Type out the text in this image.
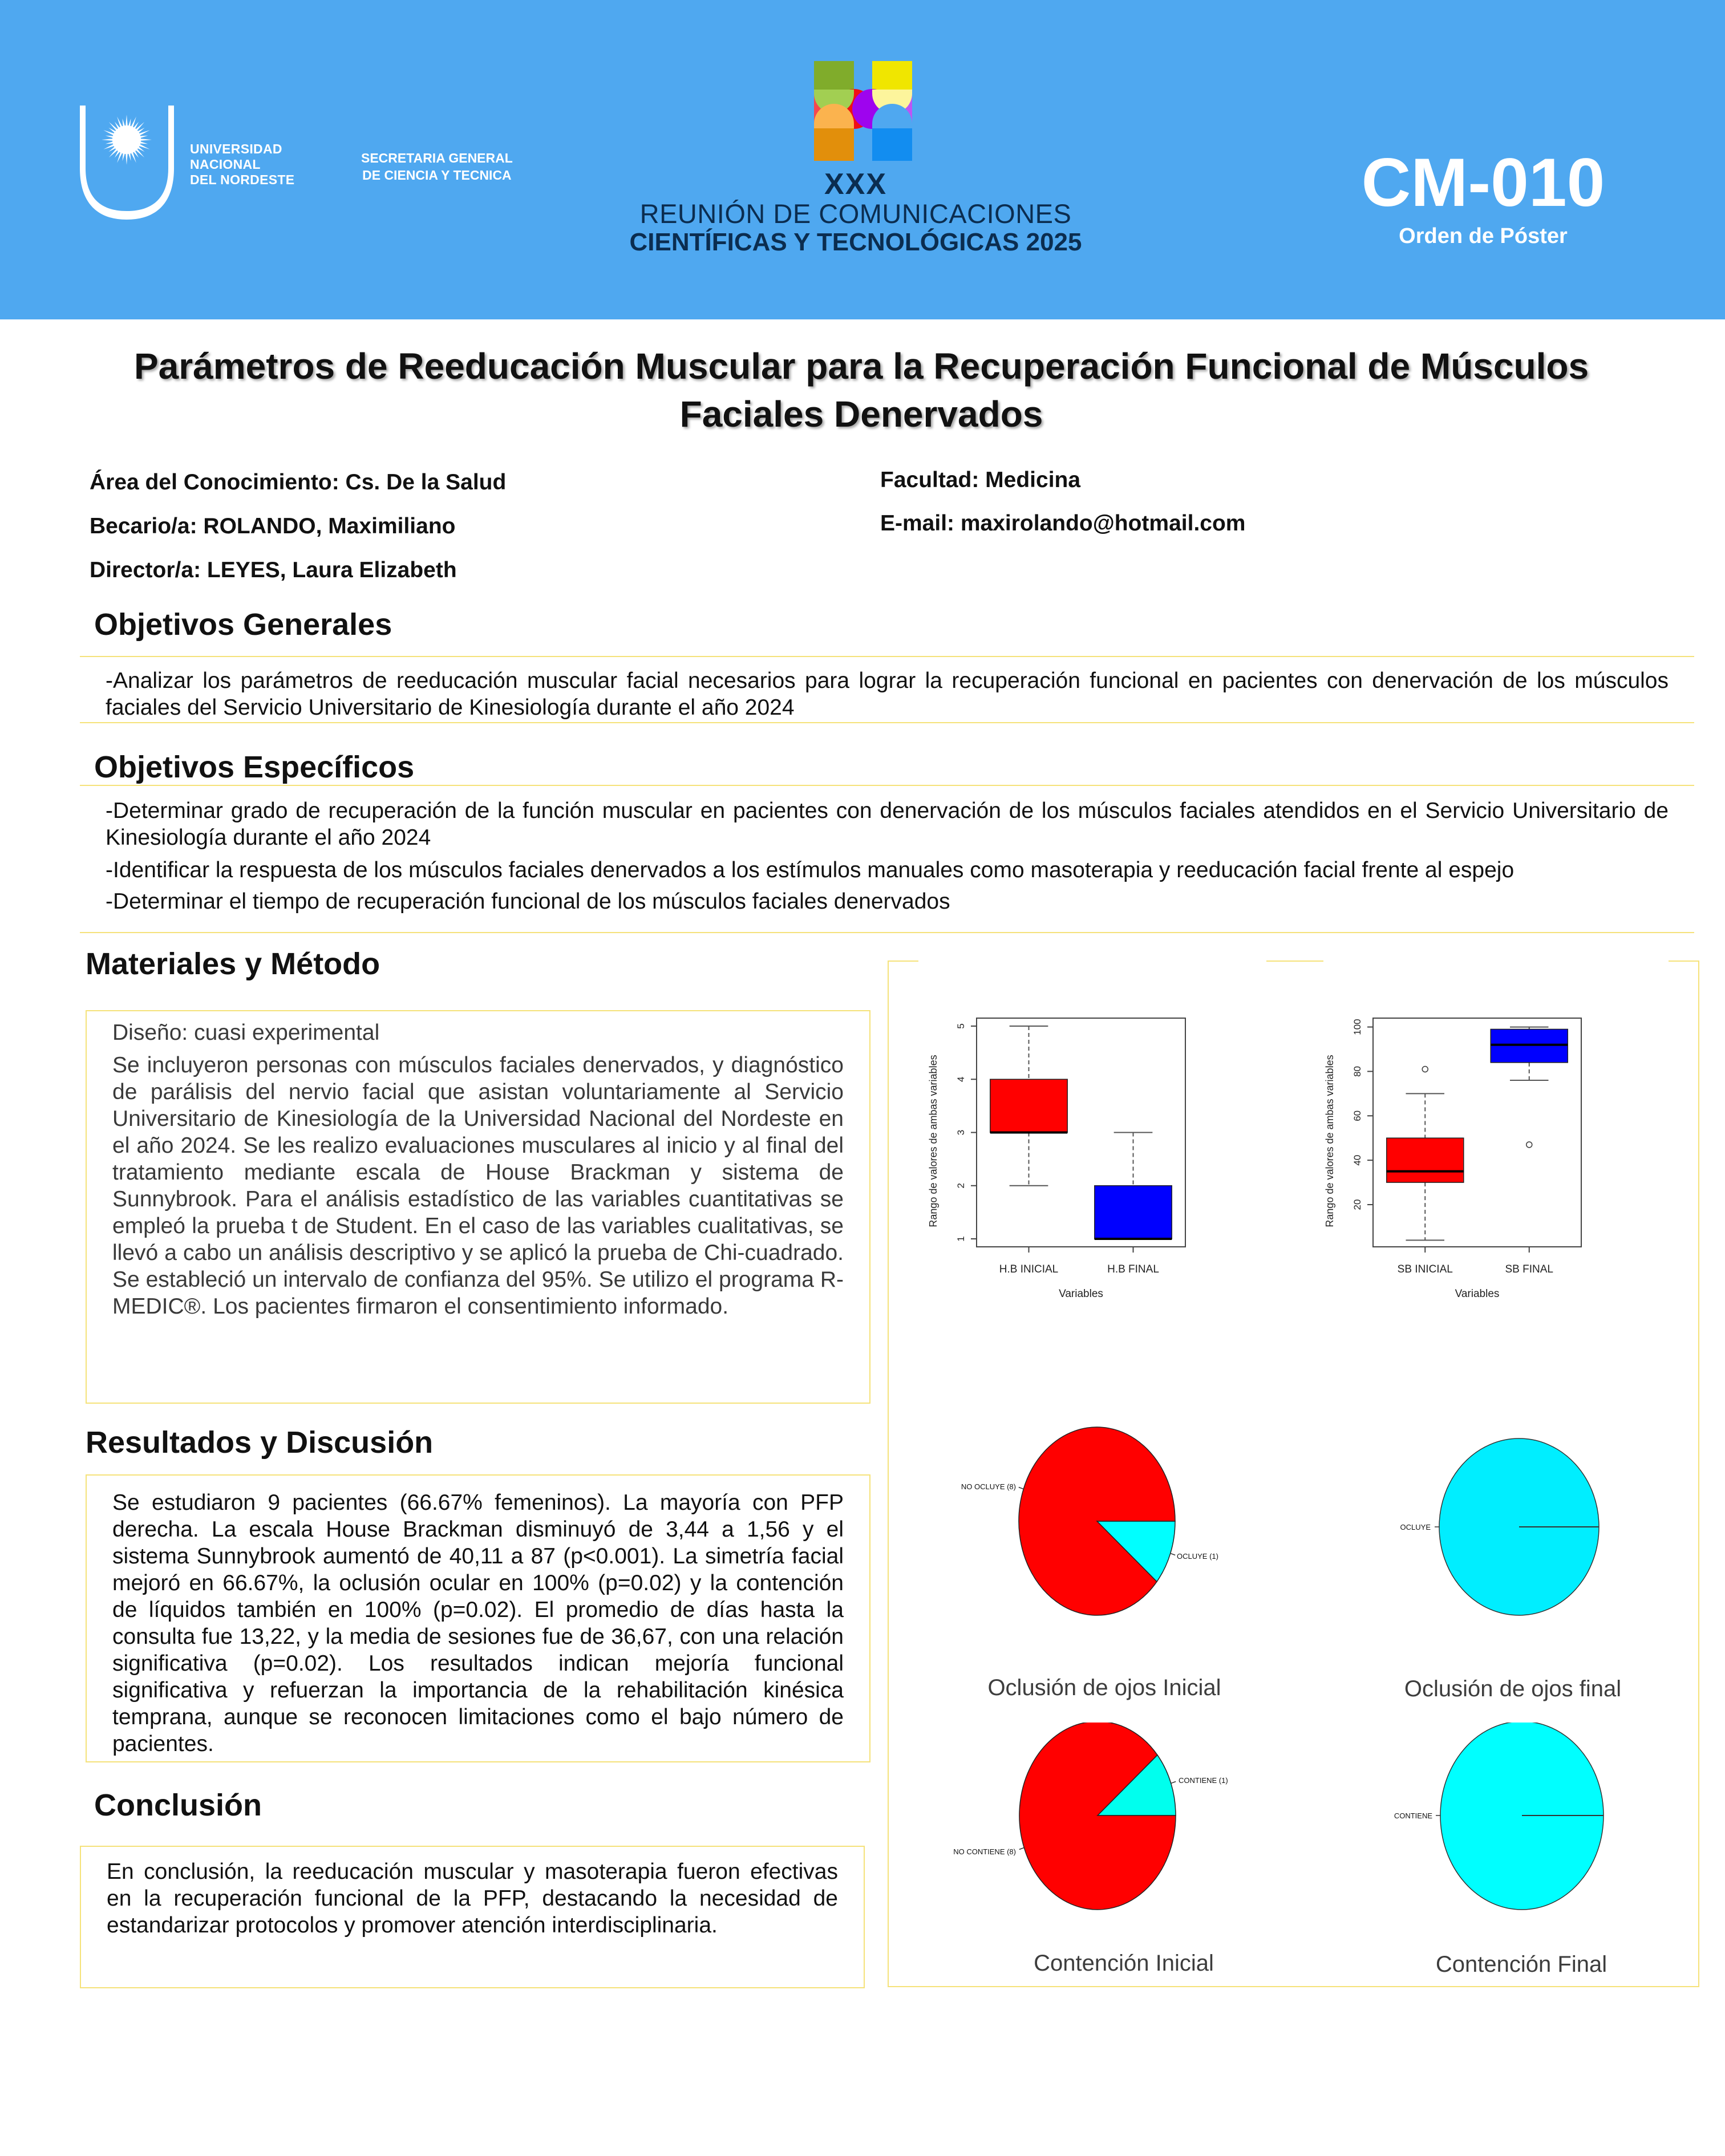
UNIVERSIDAD
NACIONAL
DEL NORDESTE
SECRETARIA GENERAL
DE CIENCIA Y TECNICA	XXX
REUNIÓN DE COMUNICACIONES
CIENTÍFICAS Y TECNOLÓGICAS 2025
CM-010
Orden de Póster
Parámetros de Reeducación Muscular para la Recuperación Funcional de Músculos Faciales Denervados
Área del Conocimiento: Cs. De la Salud
Becario/a: ROLANDO, Maximiliano
Director/a: LEYES, Laura Elizabeth
Facultad: Medicina
E-mail: maxirolando@hotmail.com
Objetivos Generales

-Analizar los parámetros de reeducación muscular facial necesarios para lograr la recuperación funcional en pacientes con denervación de los músculos faciales del Servicio Universitario de Kinesiología durante el año 2024

Objetivos Específicos

-Determinar grado de recuperación de la función muscular en pacientes con denervación de los músculos faciales atendidos en el Servicio Universitario de Kinesiología durante el año 2024

-Identificar la respuesta de los músculos faciales denervados a los estímulos manuales como masoterapia y reeducación facial frente al espejo

-Determinar el tiempo de recuperación funcional de los músculos faciales denervados

Materiales y Método

Diseño: cuasi experimental

Se incluyeron personas con músculos faciales denervados, y diagnóstico de parálisis del nervio facial que asistan voluntariamente al Servicio Universitario de Kinesiología de la Universidad Nacional del Nordeste en el año 2024. Se les realizo evaluaciones musculares al inicio y al final del tratamiento mediante escala de House Brackman y sistema de Sunnybrook. Para el análisis estadístico de las variables cuantitativas se empleó la prueba t de Student. En el caso de las variables cualitativas, se llevó a cabo un análisis descriptivo y se aplicó la prueba de Chi-cuadrado. Se estableció un intervalo de confianza del 95%. Se utilizo el programa R-MEDIC®. Los pacientes firmaron el consentimiento informado.

Resultados y Discusión

Se estudiaron 9 pacientes (66.67% femeninos). La mayoría con PFP derecha. La escala House Brackman disminuyó de 3,44 a 1,56 y el sistema Sunnybrook aumentó de 40,11 a 87 (p<0.001). La simetría facial mejoró en 66.67%, la oclusión ocular en 100% (p=0.02) y la contención de líquidos también en 100% (p=0.02). El promedio de días hasta la consulta fue 13,22, y la media de sesiones fue de 36,67, con una relación significativa (p=0.02). Los resultados indican mejoría funcional significativa y refuerzan la importancia de la rehabilitación kinésica temprana, aunque se reconocen limitaciones como el bajo número de pacientes.

Conclusión

En conclusión, la reeducación muscular y masoterapia fueron efectivas en la recuperación funcional de la PFP, destacando la necesidad de estandarizar protocolos y promover atención interdisciplinaria.

1
2
3
4
5
H.B INICIAL	H.B FINAL
Variables
Rango de valores de ambas variables	20
40
60
80
100
SB INICIAL	SB FINAL
Variables
Rango de valores de ambas variables
OCLUYE (1)
NO OCLUYE (8)
OCLUYE
CONTIENE (1)
NO CONTIENE (8)
CONTIENE
Oclusión de ojos Inicial	Oclusión de ojos final
Contención Inicial	Contención Final
